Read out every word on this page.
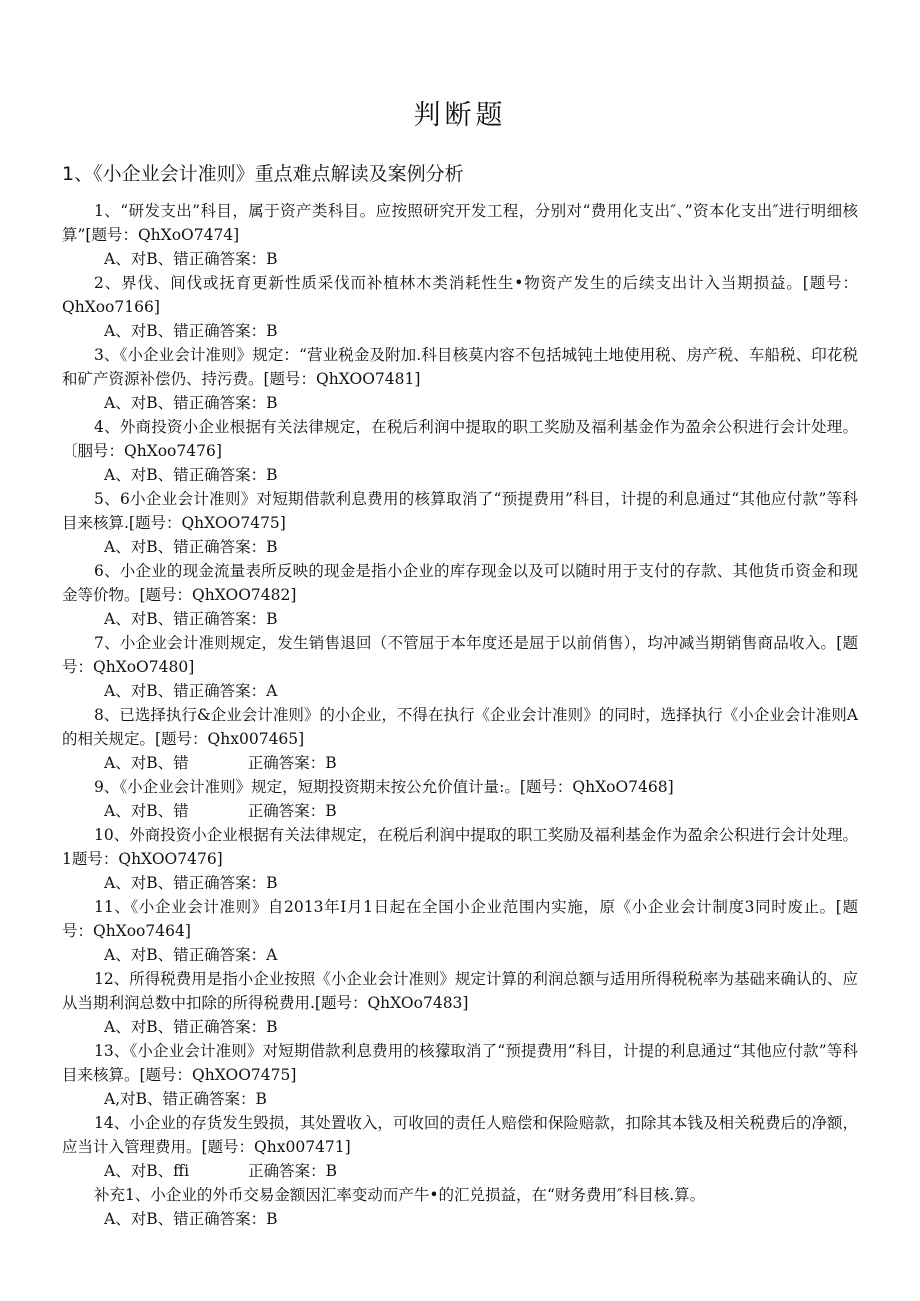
判断题
1、《小企业会计准则》重点难点解读及案例分析

1、“研发支出”科目，属于资产类科目。应按照研究开发工程，分别对“费用化支出″、”资本化支出″进行明细核算”[题号：QhXoO7474]

A、对B、错正确答案：B

2、界伐、间伐或抚育更新性质采伐而补植林木类消耗性生•物资产发生的后续支出计入当期损益。[题号：QhXoo7166]

A、对B、错正确答案：B

3、《小企业会计准则》规定：“营业税金及附加.科目核莫内容不包括城钝土地使用税、房产税、车船税、印花税和矿产资源补偿仍、持污费。[题号：QhXOO7481]

A、对B、错正确答案：B

4、外商投资小企业根据有关法律规定，在税后利润中提取的职工奖励及福利基金作为盈余公积进行会计处理。〔胭号：QhXoo7476]

A、对B、错正确答案：B

5、6小企业会计准则》对短期借款利息费用的核算取消了“预提费用”科目，计提的利息通过“其他应付款”等科目来核算.[题号：QhXOO7475]

A、对B、错正确答案：B

6、小企业的现金流量表所反映的现金是指小企业的库存现金以及可以随时用于支付的存款、其他货币资金和现金等价物。[题号：QhXOO7482]

A、对B、错正确答案：B

7、小企业会计准则规定，发生销售退回（不管屈于本年度还是屈于以前俏售），均冲减当期销售商品收入。[题号：QhXoO7480]

A、对B、错正确答案：A

8、已选择执行&企业会计准则》的小企业，不得在执行《企业会计准则》的同时，选择执行《小企业会计准则A的相关规定。[题号：Qhx007465]

A、对B、错            正确答案：B

9、《小企业会计准则》规定，短期投资期末按公允价值计量:。[题号：QhXoO7468]

A、对B、错            正确答案：B

10、外商投资小企业根据有关法律规定，在税后利润中提取的职工奖励及福利基金作为盈余公积进行会计处理。1题号：QhXOO7476]

A、对B、错正确答案：B

11、《小企业会计准则》自2013年I月1日起在全国小企业范围内实施，原《小企业会计制度3同时废止。[题号：QhXoo7464]

A、对B、错正确答案：A

12、所得税费用是指小企业按照《小企业会计准则》规定计算的利润总额与适用所得税税率为基础来确认的、应从当期利润总数中扣除的所得税费用.[题号：QhXOo7483]

A、对B、错正确答案：B

13、《小企业会计准则》对短期借款利息费用的核獴取消了“预提费用”科目，计提的利息通过“其他应付款”等科目来核算。[题号：QhXOO7475]

A,对B、错正确答案：B

14、小企业的存货发生毁损，其处置收入，可收回的责任人赔偿和保险赔款，扣除其本钱及相关税费后的净额，应当计入管理费用。[题号：Qhx007471]

A、对B、ffi            正确答案：B

补充1、小企业的外币交易金额因汇率变动而产牛•的汇兑损益，在“财务费用″科目核.算。

A、对B、错正确答案：B
